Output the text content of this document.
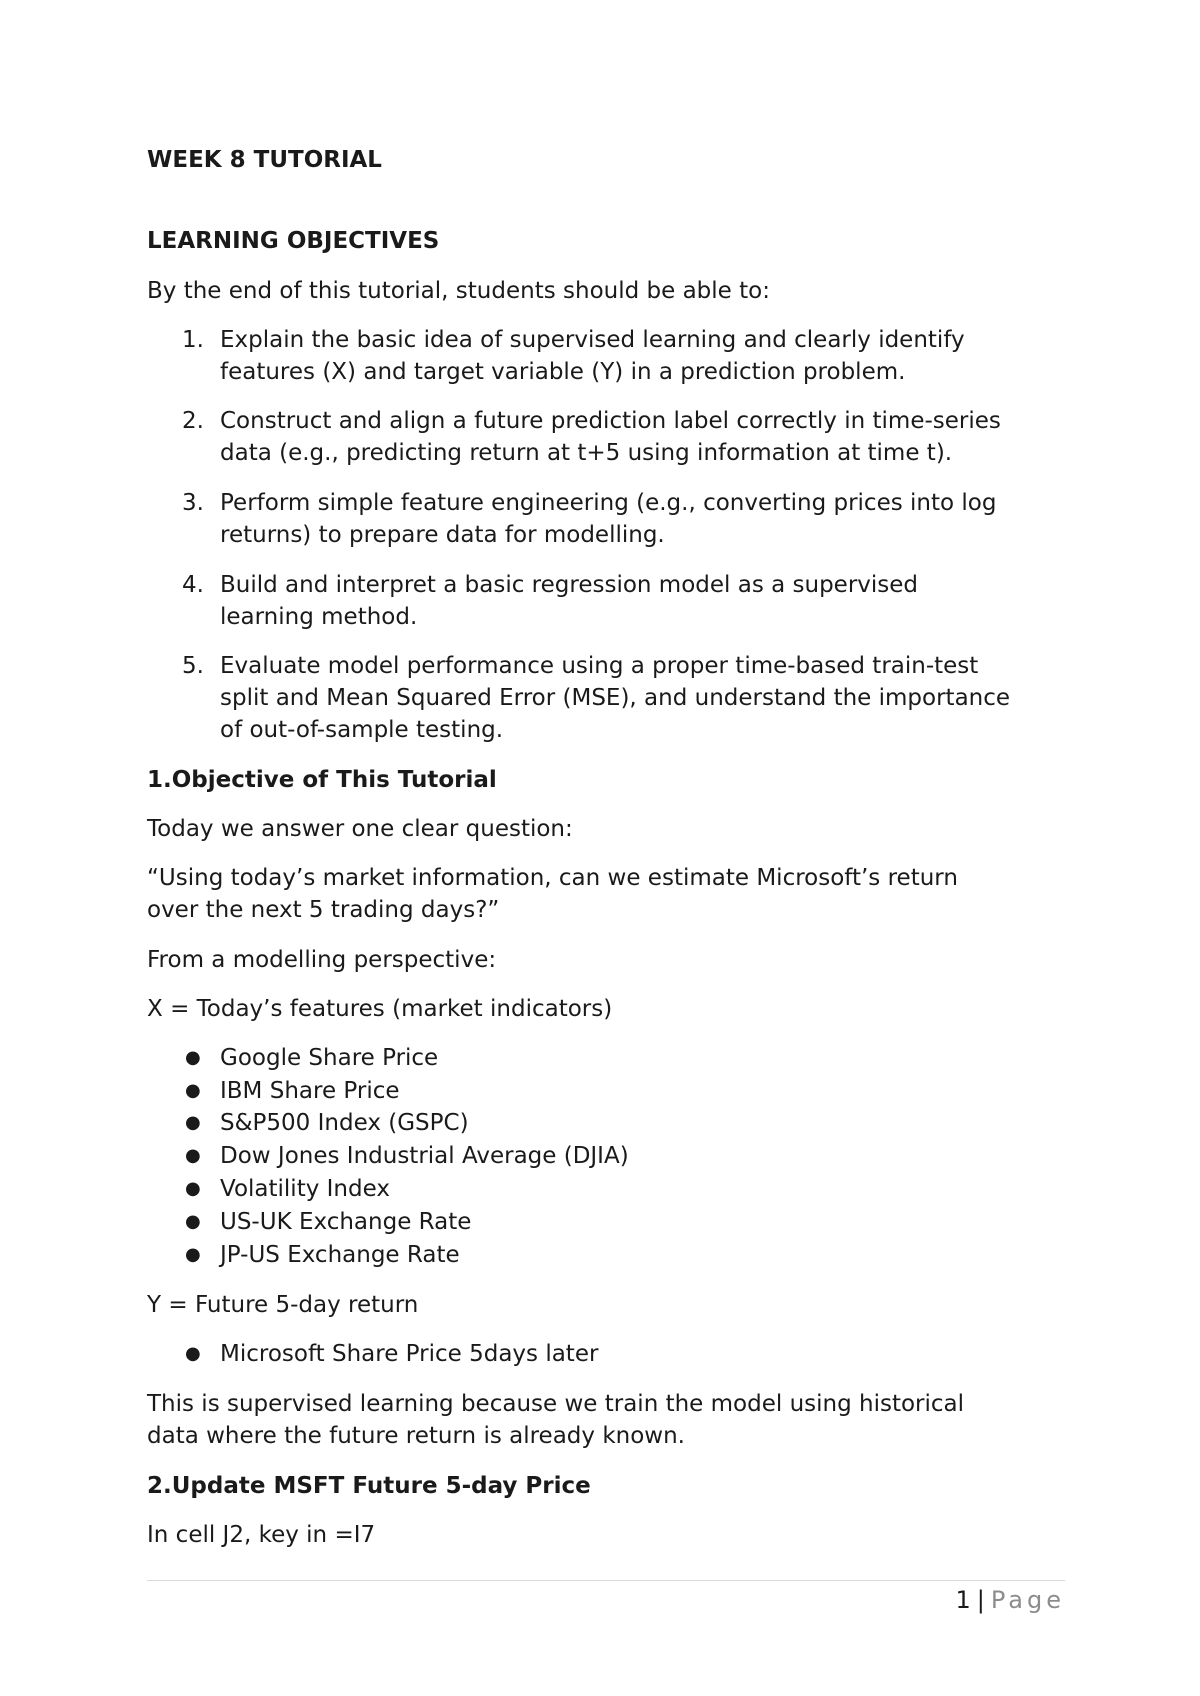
WEEK 8 TUTORIAL
LEARNING OBJECTIVES
By the end of this tutorial, students should be able to:
1. Explain the basic idea of supervised learning and clearly identify
features (X) and target variable (Y) in a prediction problem.
2. Construct and align a future prediction label correctly in time-series
data (e.g., predicting return at t+5 using information at time t).
3. Perform simple feature engineering (e.g., converting prices into log
returns) to prepare data for modelling.
4. Build and interpret a basic regression model as a supervised
learning method.
5. Evaluate model performance using a proper time-based train-test
split and Mean Squared Error (MSE), and understand the importance
of out-of-sample testing.
1.Objective of This Tutorial
Today we answer one clear question:
“Using today’s market information, can we estimate Microsoft’s return
over the next 5 trading days?”
From a modelling perspective:
X = Today’s features (market indicators)
● Google Share Price
● IBM Share Price
● S&P500 Index (GSPC)
● Dow Jones Industrial Average (DJIA)
● Volatility Index
● US-UK Exchange Rate
● JP-US Exchange Rate
Y = Future 5-day return
● Microsoft Share Price 5days later
This is supervised learning because we train the model using historical
data where the future return is already known.
2.Update MSFT Future 5-day Price
In cell J2, key in =I7
1 | Page
